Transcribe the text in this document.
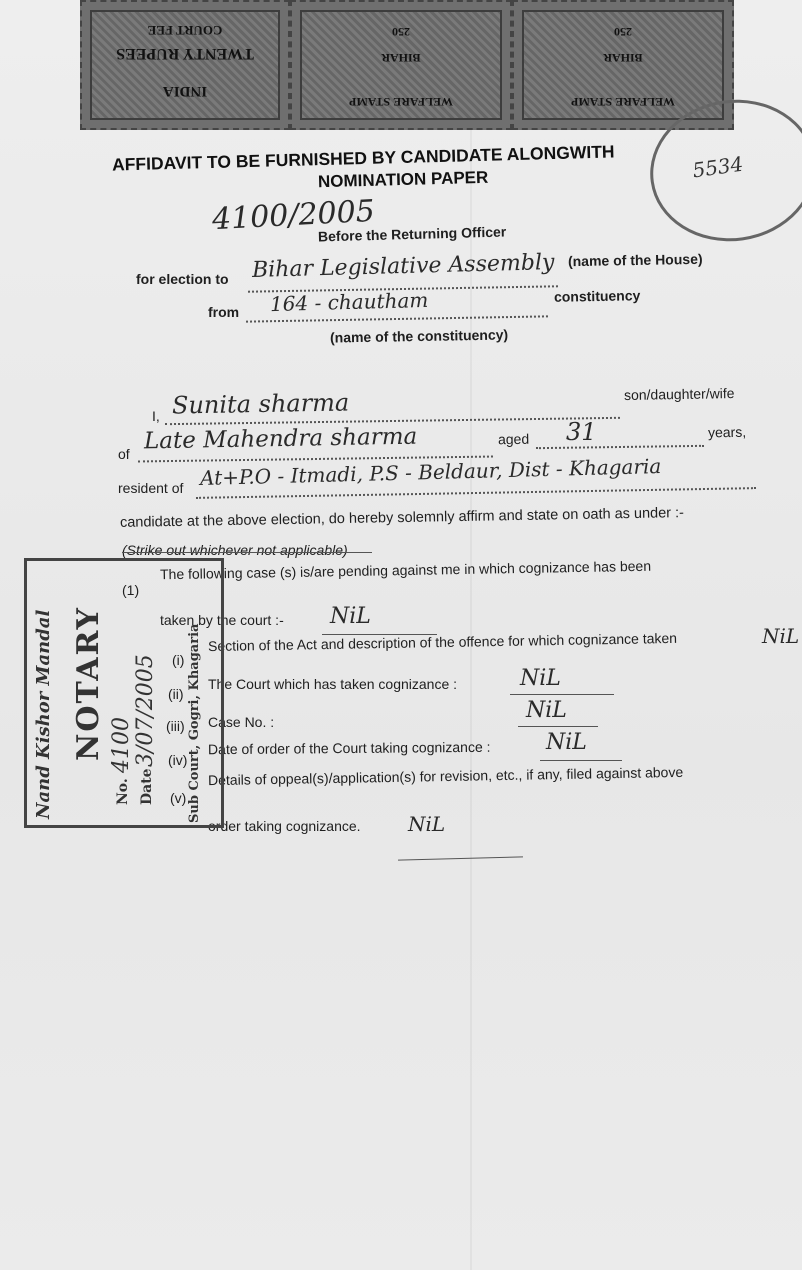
COURT FEE
TWENTY RUPEES
INDIA
250
BIHAR
WELFARE STAMP
250
BIHAR
WELFARE STAMP
5534
AFFIDAVIT TO BE FURNISHED BY CANDIDATE ALONGWITH
NOMINATION PAPER
4100/2005
Before the Returning Officer
for election to Bihar Legislative Assembly (name of the House)
from 164 - chautham	constituency
(name of the constituency)
I, Sunita sharma	son/daughter/wife
of Late Mahendra sharma	aged 31	years,
resident of At+P.O - Itmadi, P.S - Beldaur, Dist - Khagaria
candidate at the above election, do hereby solemnly affirm and state on oath as under :-
(Strike out whichever not applicable)
(1)
The following case (s) is/are pending against me in which cognizance has been
taken by the court :- NiL
(i)
Section of the Act and description of the offence for which cognizance taken	NiL
(ii)
The Court which has taken cognizance :	NiL
(iii) Case No. :	NiL
(iv)
Date of order of the Court taking cognizance :	NiL
(v)
Details of oppeal(s)/application(s) for revision, etc., if any, filed against above
order taking cognizance. NiL
Nand Kishor Mandal NOTARY
No.
4100
Date
3/07/2005 Sub Court, Gogri, Khagaria
